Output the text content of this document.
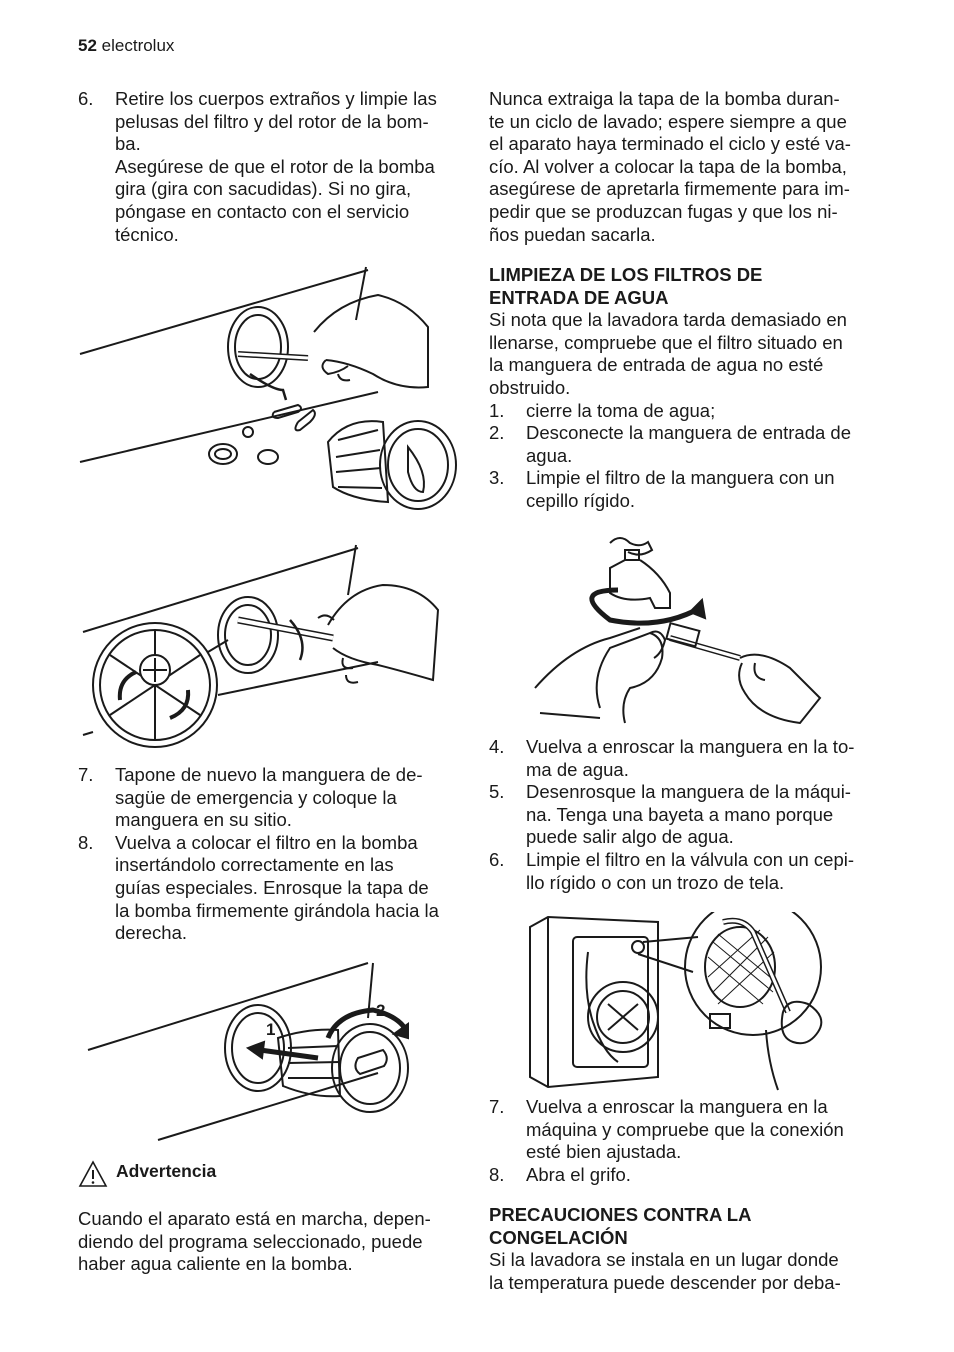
52 electrolux
6. Retire los cuerpos extraños y limpie las
pelusas del filtro y del rotor de la bom-
ba.
Asegúrese de que el rotor de la bomba
gira (gira con sacudidas). Si no gira,
póngase en contacto con el servicio
técnico.
7. Tapone de nuevo la manguera de de-
sagüe de emergencia y coloque la
manguera en su sitio.
8. Vuelva a colocar el filtro en la bomba
insertándolo correctamente en las
guías especiales. Enrosque la tapa de
la bomba firmemente girándola hacia la
derecha.
1
2
Advertencia
Cuando el aparato está en marcha, depen-
diendo del programa seleccionado, puede
haber agua caliente en la bomba.
Nunca extraiga la tapa de la bomba duran-
te un ciclo de lavado; espere siempre a que
el aparato haya terminado el ciclo y esté va-
cío. Al volver a colocar la tapa de la bomba,
asegúrese de apretarla firmemente para im-
pedir que se produzcan fugas y que los ni-
ños puedan sacarla.
LIMPIEZA DE LOS FILTROS DE
ENTRADA DE AGUA
Si nota que la lavadora tarda demasiado en
llenarse, compruebe que el filtro situado en
la manguera de entrada de agua no esté
obstruido.
1. cierre la toma de agua;
2. Desconecte la manguera de entrada de
agua.
3. Limpie el filtro de la manguera con un
cepillo rígido.
4. Vuelva a enroscar la manguera en la to-
ma de agua.
5. Desenrosque la manguera de la máqui-
na. Tenga una bayeta a mano porque
puede salir algo de agua.
6. Limpie el filtro en la válvula con un cepi-
llo rígido o con un trozo de tela.
7. Vuelva a enroscar la manguera en la
máquina y compruebe que la conexión
esté bien ajustada.
8. Abra el grifo.
PRECAUCIONES CONTRA LA
CONGELACIÓN
Si la lavadora se instala en un lugar donde
la temperatura puede descender por deba-
